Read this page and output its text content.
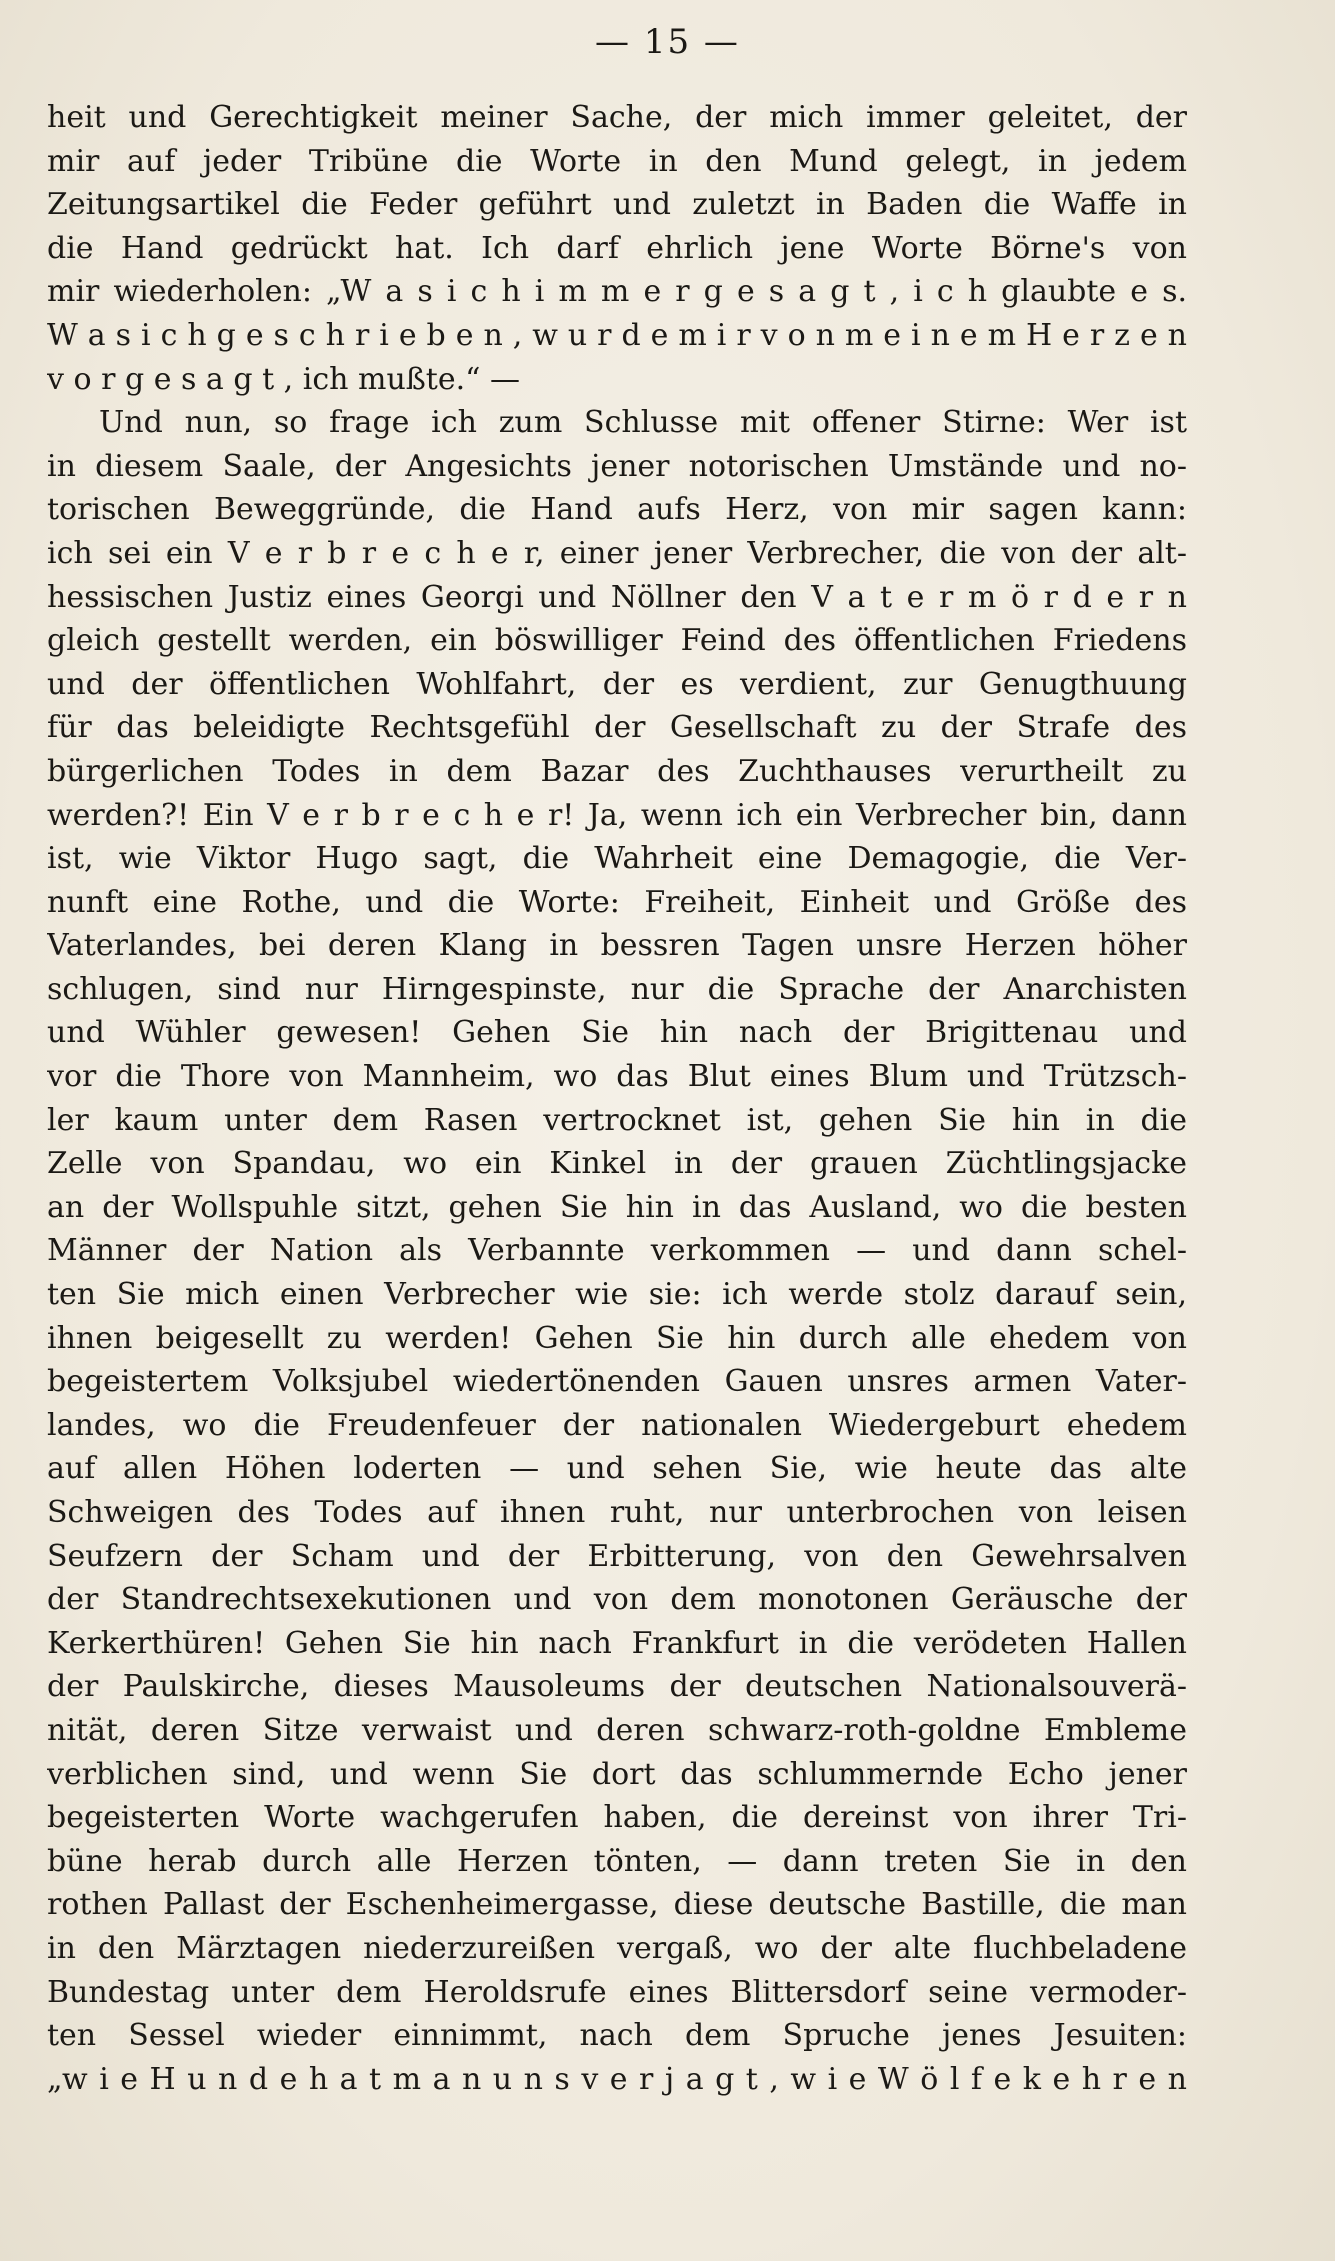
— 15 —
heit und Gerechtigkeit meiner Sache, der mich immer geleitet, der
mir auf jeder Tribüne die Worte in den Mund gelegt, in jedem
Zeitungsartikel die Feder geführt und zuletzt in Baden die Waffe in
die Hand gedrückt hat. Ich darf ehrlich jene Worte Börne's von
mir wiederholen: „W a s i c h i m m e r g e s a g t , i c h glaubte e s.
W a s i c h g e s c h r i e b e n , w u r d e m i r v o n m e i n e m H e r z e n
v o r g e s a g t , ich mußte.“ —
Und nun, so frage ich zum Schlusse mit offener Stirne: Wer ist
in diesem Saale, der Angesichts jener notorischen Umstände und no-
torischen Beweggründe, die Hand aufs Herz, von mir sagen kann:
ich sei ein V e r b r e c h e r, einer jener Verbrecher, die von der alt-
hessischen Justiz eines Georgi und Nöllner den V a t e r m ö r d e r n
gleich gestellt werden, ein böswilliger Feind des öffentlichen Friedens
und der öffentlichen Wohlfahrt, der es verdient, zur Genugthuung
für das beleidigte Rechtsgefühl der Gesellschaft zu der Strafe des
bürgerlichen Todes in dem Bazar des Zuchthauses verurtheilt zu
werden?! Ein V e r b r e c h e r! Ja, wenn ich ein Verbrecher bin, dann
ist, wie Viktor Hugo sagt, die Wahrheit eine Demagogie, die Ver-
nunft eine Rothe, und die Worte: Freiheit, Einheit und Größe des
Vaterlandes, bei deren Klang in bessren Tagen unsre Herzen höher
schlugen, sind nur Hirngespinste, nur die Sprache der Anarchisten
und Wühler gewesen! Gehen Sie hin nach der Brigittenau und
vor die Thore von Mannheim, wo das Blut eines Blum und Trützsch-
ler kaum unter dem Rasen vertrocknet ist, gehen Sie hin in die
Zelle von Spandau, wo ein Kinkel in der grauen Züchtlingsjacke
an der Wollspuhle sitzt, gehen Sie hin in das Ausland, wo die besten
Männer der Nation als Verbannte verkommen — und dann schel-
ten Sie mich einen Verbrecher wie sie: ich werde stolz darauf sein,
ihnen beigesellt zu werden! Gehen Sie hin durch alle ehedem von
begeistertem Volksjubel wiedertönenden Gauen unsres armen Vater-
landes, wo die Freudenfeuer der nationalen Wiedergeburt ehedem
auf allen Höhen loderten — und sehen Sie, wie heute das alte
Schweigen des Todes auf ihnen ruht, nur unterbrochen von leisen
Seufzern der Scham und der Erbitterung, von den Gewehrsalven
der Standrechtsexekutionen und von dem monotonen Geräusche der
Kerkerthüren! Gehen Sie hin nach Frankfurt in die verödeten Hallen
der Paulskirche, dieses Mausoleums der deutschen Nationalsouverä-
nität, deren Sitze verwaist und deren schwarz-roth-goldne Embleme
verblichen sind, und wenn Sie dort das schlummernde Echo jener
begeisterten Worte wachgerufen haben, die dereinst von ihrer Tri-
büne herab durch alle Herzen tönten, — dann treten Sie in den
rothen Pallast der Eschenheimergasse, diese deutsche Bastille, die man
in den Märztagen niederzureißen vergaß, wo der alte fluchbeladene
Bundestag unter dem Heroldsrufe eines Blittersdorf seine vermoder-
ten Sessel wieder einnimmt, nach dem Spruche jenes Jesuiten:
„w i e H u n d e h a t m a n u n s v e r j a g t , w i e W ö l f e k e h r e n
